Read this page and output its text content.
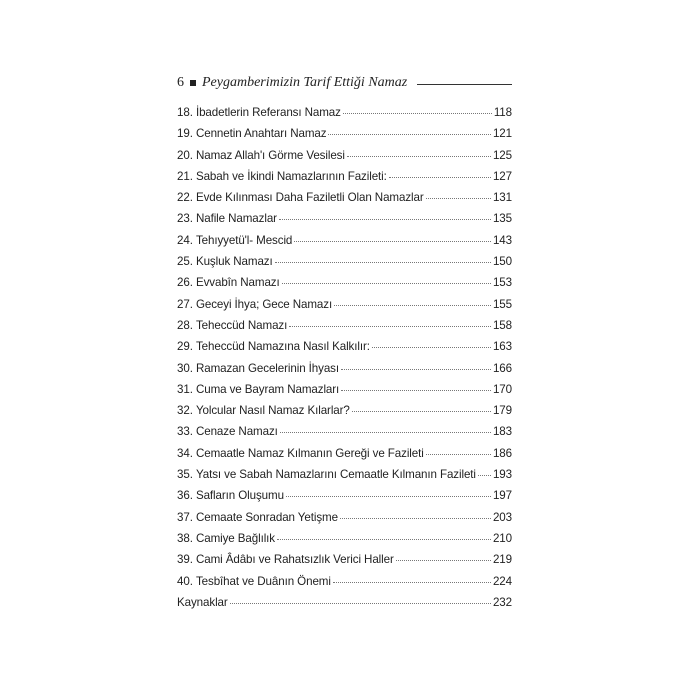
6 Peygamberimizin Tarif Ettiği Namaz
18. İbadetlerin Referansı Namaz	118
19. Cennetin Anahtarı Namaz	121
20. Namaz Allah'ı Görme Vesilesi	125
21. Sabah ve İkindi Namazlarının Fazileti:	127
22. Evde Kılınması Daha Faziletli Olan Namazlar	131
23. Nafile Namazlar	135
24. Tehıyyetü'l- Mescid	143
25. Kuşluk Namazı	150
26. Evvabîn Namazı	153
27. Geceyi İhya; Gece Namazı	155
28. Teheccüd Namazı	158
29. Teheccüd Namazına Nasıl Kalkılır:	163
30. Ramazan Gecelerinin İhyası	166
31. Cuma ve Bayram Namazları	170
32. Yolcular Nasıl Namaz Kılarlar?	179
33. Cenaze Namazı	183
34. Cemaatle Namaz Kılmanın Gereği ve Fazileti	186
35. Yatsı ve Sabah Namazlarını Cemaatle Kılmanın Fazileti 193
36. Safların Oluşumu	197
37. Cemaate Sonradan Yetişme	203
38. Camiye Bağlılık	210
39. Cami Âdâbı ve Rahatsızlık Verici Haller	219
40. Tesbîhat ve Duânın Önemi	224
Kaynaklar	232
